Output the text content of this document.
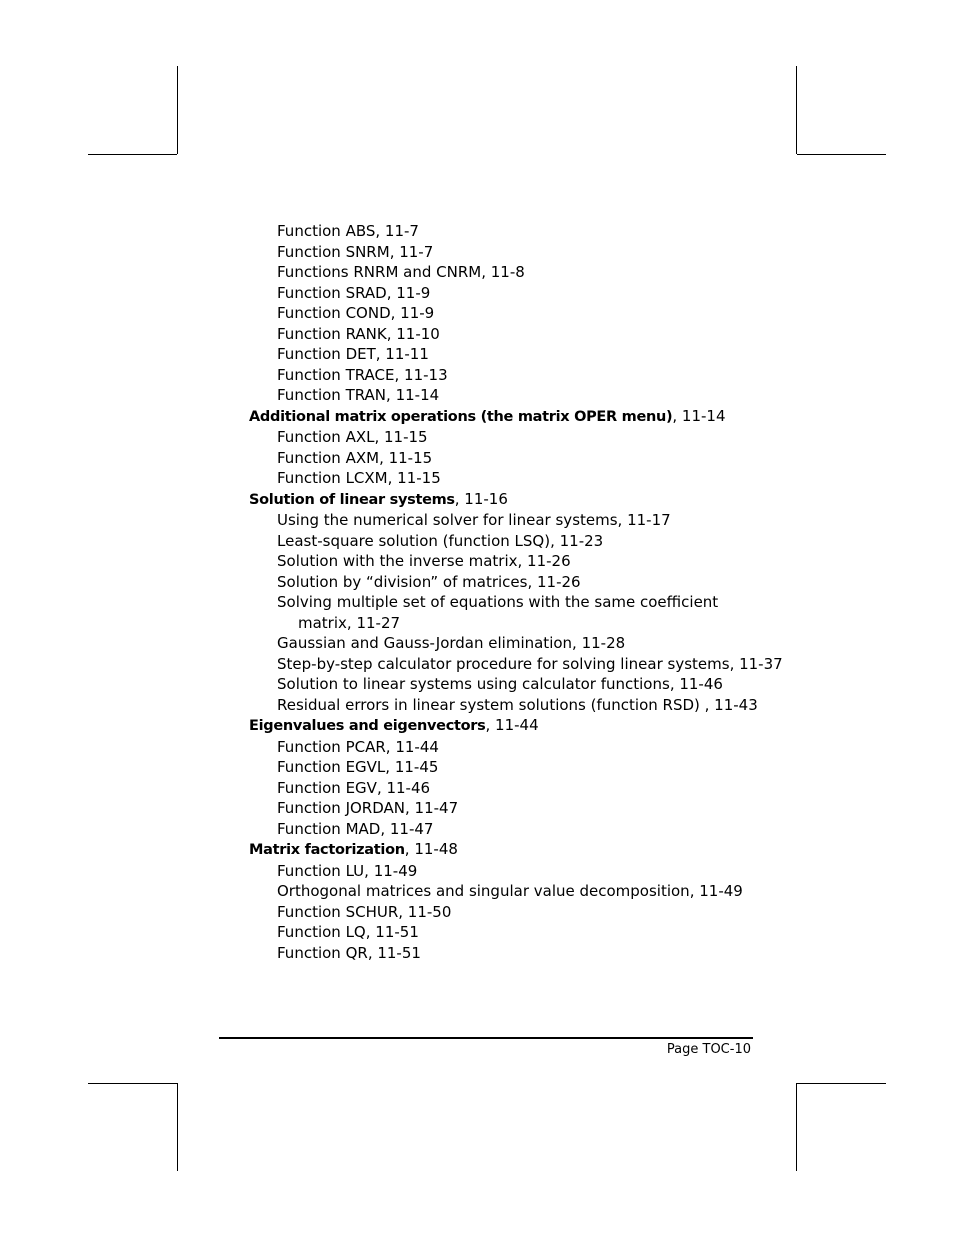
Function ABS, 11-7
Function SNRM, 11-7
Functions RNRM and CNRM, 11-8
Function SRAD, 11-9
Function COND, 11-9
Function RANK, 11-10
Function DET, 11-11
Function TRACE, 11-13
Function TRAN, 11-14
Additional matrix operations (the matrix OPER menu), 11-14
Function AXL, 11-15
Function AXM, 11-15
Function LCXM, 11-15
Solution of linear systems, 11-16
Using the numerical solver for linear systems, 11-17
Least-square solution (function LSQ), 11-23
Solution with the inverse matrix, 11-26
Solution by “division” of matrices, 11-26
Solving multiple set of equations with the same coefficient
matrix, 11-27
Gaussian and Gauss-Jordan elimination, 11-28
Step-by-step calculator procedure for solving linear systems, 11-37
Solution to linear systems using calculator functions, 11-46
Residual errors in linear system solutions (function RSD) , 11-43
Eigenvalues and eigenvectors, 11-44
Function PCAR, 11-44
Function EGVL, 11-45
Function EGV, 11-46
Function JORDAN, 11-47
Function MAD, 11-47
Matrix factorization, 11-48
Function LU, 11-49
Orthogonal matrices and singular value decomposition, 11-49
Function SCHUR, 11-50
Function LQ, 11-51
Function QR, 11-51
Page TOC-10
